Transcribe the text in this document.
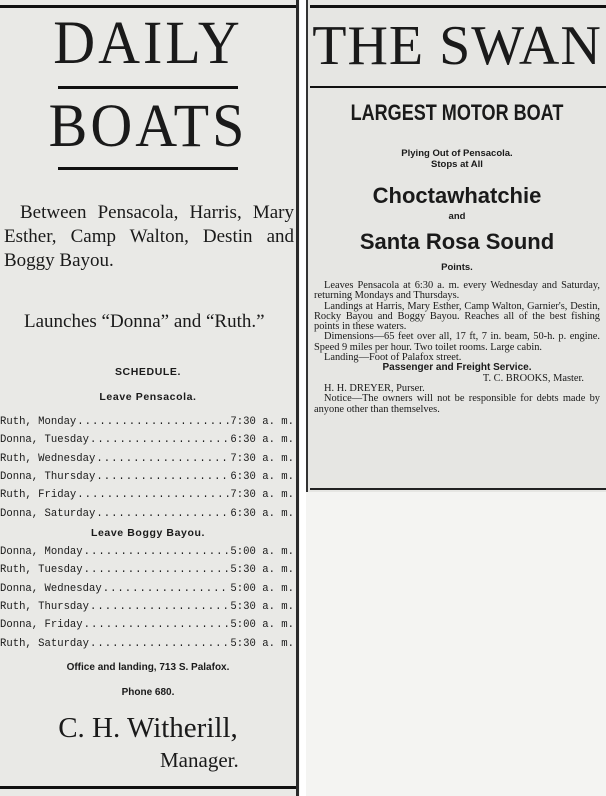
DAILY
BOATS

Between Pensacola, Harris, Mary Esther, Camp Walton, Destin and Boggy Bayou.

Launches “Donna” and “Ruth.”

SCHEDULE.
Leave Pensacola.
Ruth, Monday .....	7:30 a. m.
Donna, Tuesday .....	6:30 a. m.
Ruth, Wednesday .....	7:30 a. m.
Donna, Thursday .....	6:30 a. m.
Ruth, Friday .....	7:30 a. m.
Donna, Saturday .....	6:30 a. m.
Leave Boggy Bayou.
Donna, Monday .....	5:00 a. m.
Ruth, Tuesday .....	5:30 a. m.
Donna, Wednesday .....	5:00 a. m.
Ruth, Thursday .....	5:30 a. m.
Donna, Friday .....	5:00 a. m.
Ruth, Saturday .....	5:30 a. m.
Office and landing, 713 S. Palafox.
Phone 680.
C. H. Witherill,
Manager.
THE SWAN
LARGEST MOTOR BOAT
Plying Out of Pensacola.
Stops at All
Choctawhatchie
and
Santa Rosa Sound
Points.

Leaves Pensacola at 6:30 a. m. every Wednesday and Saturday, returning Mondays and Thursdays.

Landings at Harris, Mary Esther, Camp Walton, Garnier's, Destin, Rocky Bayou and Boggy Bayou. Reaches all of the best fishing points in these waters.

Dimensions—65 feet over all, 17 ft, 7 in. beam, 50-h. p. engine. Speed 9 miles per hour. Two toilet rooms. Large cabin.

Landing—Foot of Palafox street.

Passenger and Freight Service.

T. C. BROOKS, Master.

H. H. DREYER, Purser.

Notice—The owners will not be responsible for debts made by anyone other than themselves.
